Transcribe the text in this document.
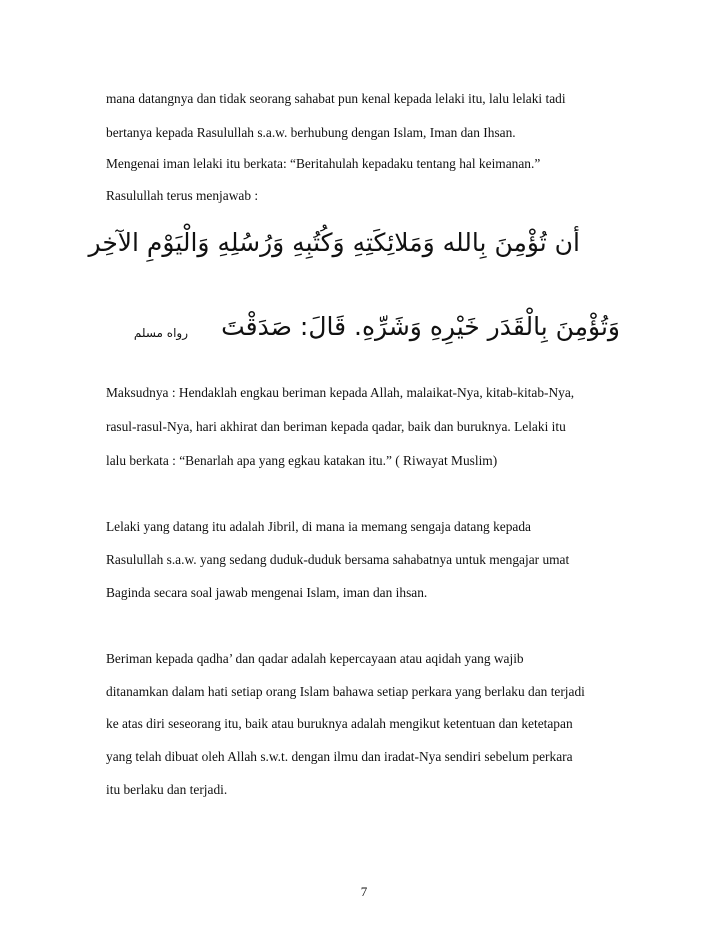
mana datangnya dan tidak seorang sahabat pun kenal kepada lelaki itu, lalu lelaki tadi
bertanya kepada Rasulullah s.a.w. berhubung dengan Islam, Iman dan Ihsan.
Mengenai iman lelaki itu berkata: “Beritahulah kepadaku tentang hal keimanan.”
Rasulullah terus menjawab :
أن تُؤْمِنَ بِالله وَمَلائِكَتِهِ وَكُتُبِهِ وَرُسُلِهِ وَالْيَوْمِ الآخِر
وَتُؤْمِنَ بِالْقَدَر خَيْرِهِ وَشَرِّهِ. قَالَ: صَدَقْتَ
رواه مسلم
Maksudnya : Hendaklah engkau beriman kepada Allah, malaikat-Nya, kitab-kitab-Nya,
rasul-rasul-Nya, hari akhirat dan beriman kepada qadar, baik dan buruknya. Lelaki itu
lalu berkata : “Benarlah apa yang egkau katakan itu.” ( Riwayat Muslim)
Lelaki yang datang itu adalah Jibril, di mana ia memang sengaja datang kepada
Rasulullah s.a.w. yang sedang duduk-duduk bersama sahabatnya untuk mengajar umat
Baginda secara soal jawab mengenai Islam, iman dan ihsan.
Beriman kepada qadha’ dan qadar adalah kepercayaan atau aqidah yang wajib
ditanamkan dalam hati setiap orang Islam bahawa setiap perkara yang berlaku dan terjadi
ke atas diri seseorang itu, baik atau buruknya adalah mengikut ketentuan dan ketetapan
yang telah dibuat oleh Allah s.w.t. dengan ilmu dan iradat-Nya sendiri sebelum perkara
itu berlaku dan terjadi.
7
